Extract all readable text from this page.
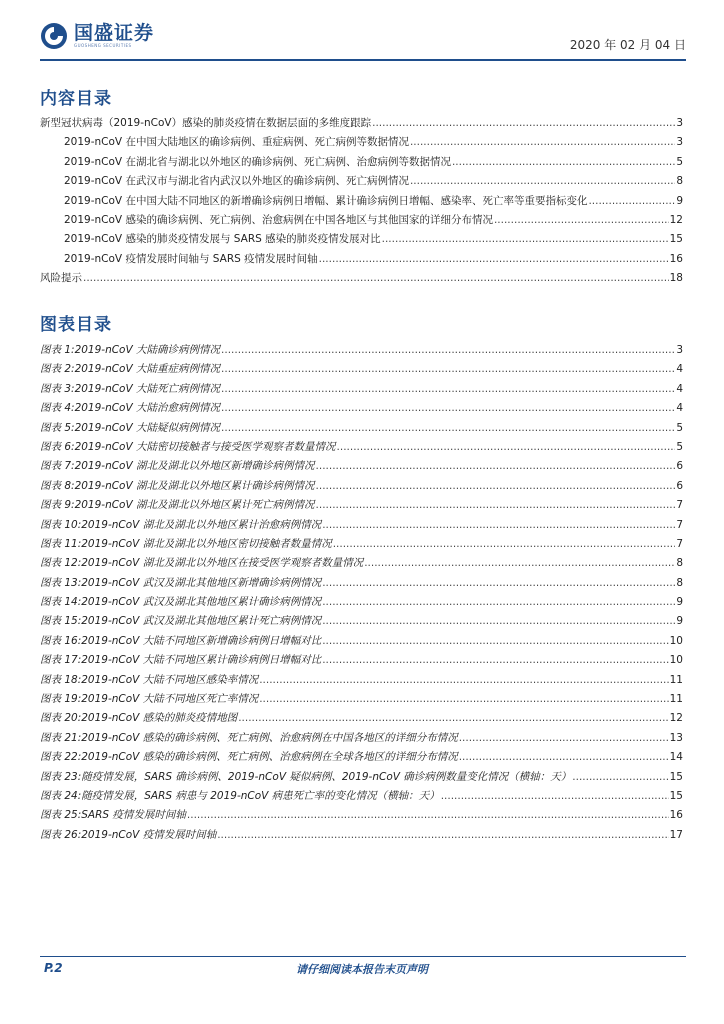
国盛证券
GUOSHENG SECURITIES	2020 年 02 月 04 日
内容目录
新型冠状病毒（2019-nCoV）感染的肺炎疫情在数据层面的多维度跟踪 .....	3
2019-nCoV 在中国大陆地区的确诊病例、重症病例、死亡病例等数据情况 .....	3
2019-nCoV 在湖北省与湖北以外地区的确诊病例、死亡病例、治愈病例等数据情况 .....	5
2019-nCoV 在武汉市与湖北省内武汉以外地区的确诊病例、死亡病例情况 .....	8
2019-nCoV 在中国大陆不同地区的新增确诊病例日增幅、累计确诊病例日增幅、感染率、死亡率等重要指标变化 .....	9
2019-nCoV 感染的确诊病例、死亡病例、治愈病例在中国各地区与其他国家的详细分布情况 .....	12
2019-nCoV 感染的肺炎疫情发展与 SARS 感染的肺炎疫情发展对比 .....	15
2019-nCoV 疫情发展时间轴与 SARS 疫情发展时间轴 .....	16
风险提示 .....	18
图表目录
图表 1: 2019-nCoV 大陆确诊病例情况 .....	3
图表 2: 2019-nCoV 大陆重症病例情况 .....	4
图表 3: 2019-nCoV 大陆死亡病例情况 .....	4
图表 4: 2019-nCoV 大陆治愈病例情况 .....	4
图表 5: 2019-nCoV 大陆疑似病例情况 .....	5
图表 6: 2019-nCoV 大陆密切接触者与接受医学观察者数量情况 .....	5
图表 7: 2019-nCoV 湖北及湖北以外地区新增确诊病例情况 .....	6
图表 8: 2019-nCoV 湖北及湖北以外地区累计确诊病例情况 .....	6
图表 9: 2019-nCoV 湖北及湖北以外地区累计死亡病例情况 .....	7
图表 10: 2019-nCoV 湖北及湖北以外地区累计治愈病例情况 .....	7
图表 11: 2019-nCoV 湖北及湖北以外地区密切接触者数量情况 .....	7
图表 12: 2019-nCoV 湖北及湖北以外地区在接受医学观察者数量情况 .....	8
图表 13: 2019-nCoV 武汉及湖北其他地区新增确诊病例情况 .....	8
图表 14: 2019-nCoV 武汉及湖北其他地区累计确诊病例情况 .....	9
图表 15: 2019-nCoV 武汉及湖北其他地区累计死亡病例情况 .....	9
图表 16: 2019-nCoV 大陆不同地区新增确诊病例日增幅对比 .....	10
图表 17: 2019-nCoV 大陆不同地区累计确诊病例日增幅对比 .....	10
图表 18: 2019-nCoV 大陆不同地区感染率情况 .....	11
图表 19: 2019-nCoV 大陆不同地区死亡率情况 .....	11
图表 20: 2019-nCoV 感染的肺炎疫情地图 .....	12
图表 21: 2019-nCoV 感染的确诊病例、死亡病例、治愈病例在中国各地区的详细分布情况 .....	13
图表 22: 2019-nCoV 感染的确诊病例、死亡病例、治愈病例在全球各地区的详细分布情况 .....	14
图表 23: 随疫情发展，SARS 确诊病例、2019-nCoV 疑似病例、2019-nCoV 确诊病例数量变化情况（横轴：天） .....	15
图表 24: 随疫情发展，SARS 病患与 2019-nCoV 病患死亡率的变化情况（横轴：天） .....	15
图表 25: SARS 疫情发展时间轴 .....	16
图表 26: 2019-nCoV 疫情发展时间轴 .....	17
P.2	请仔细阅读本报告末页声明
